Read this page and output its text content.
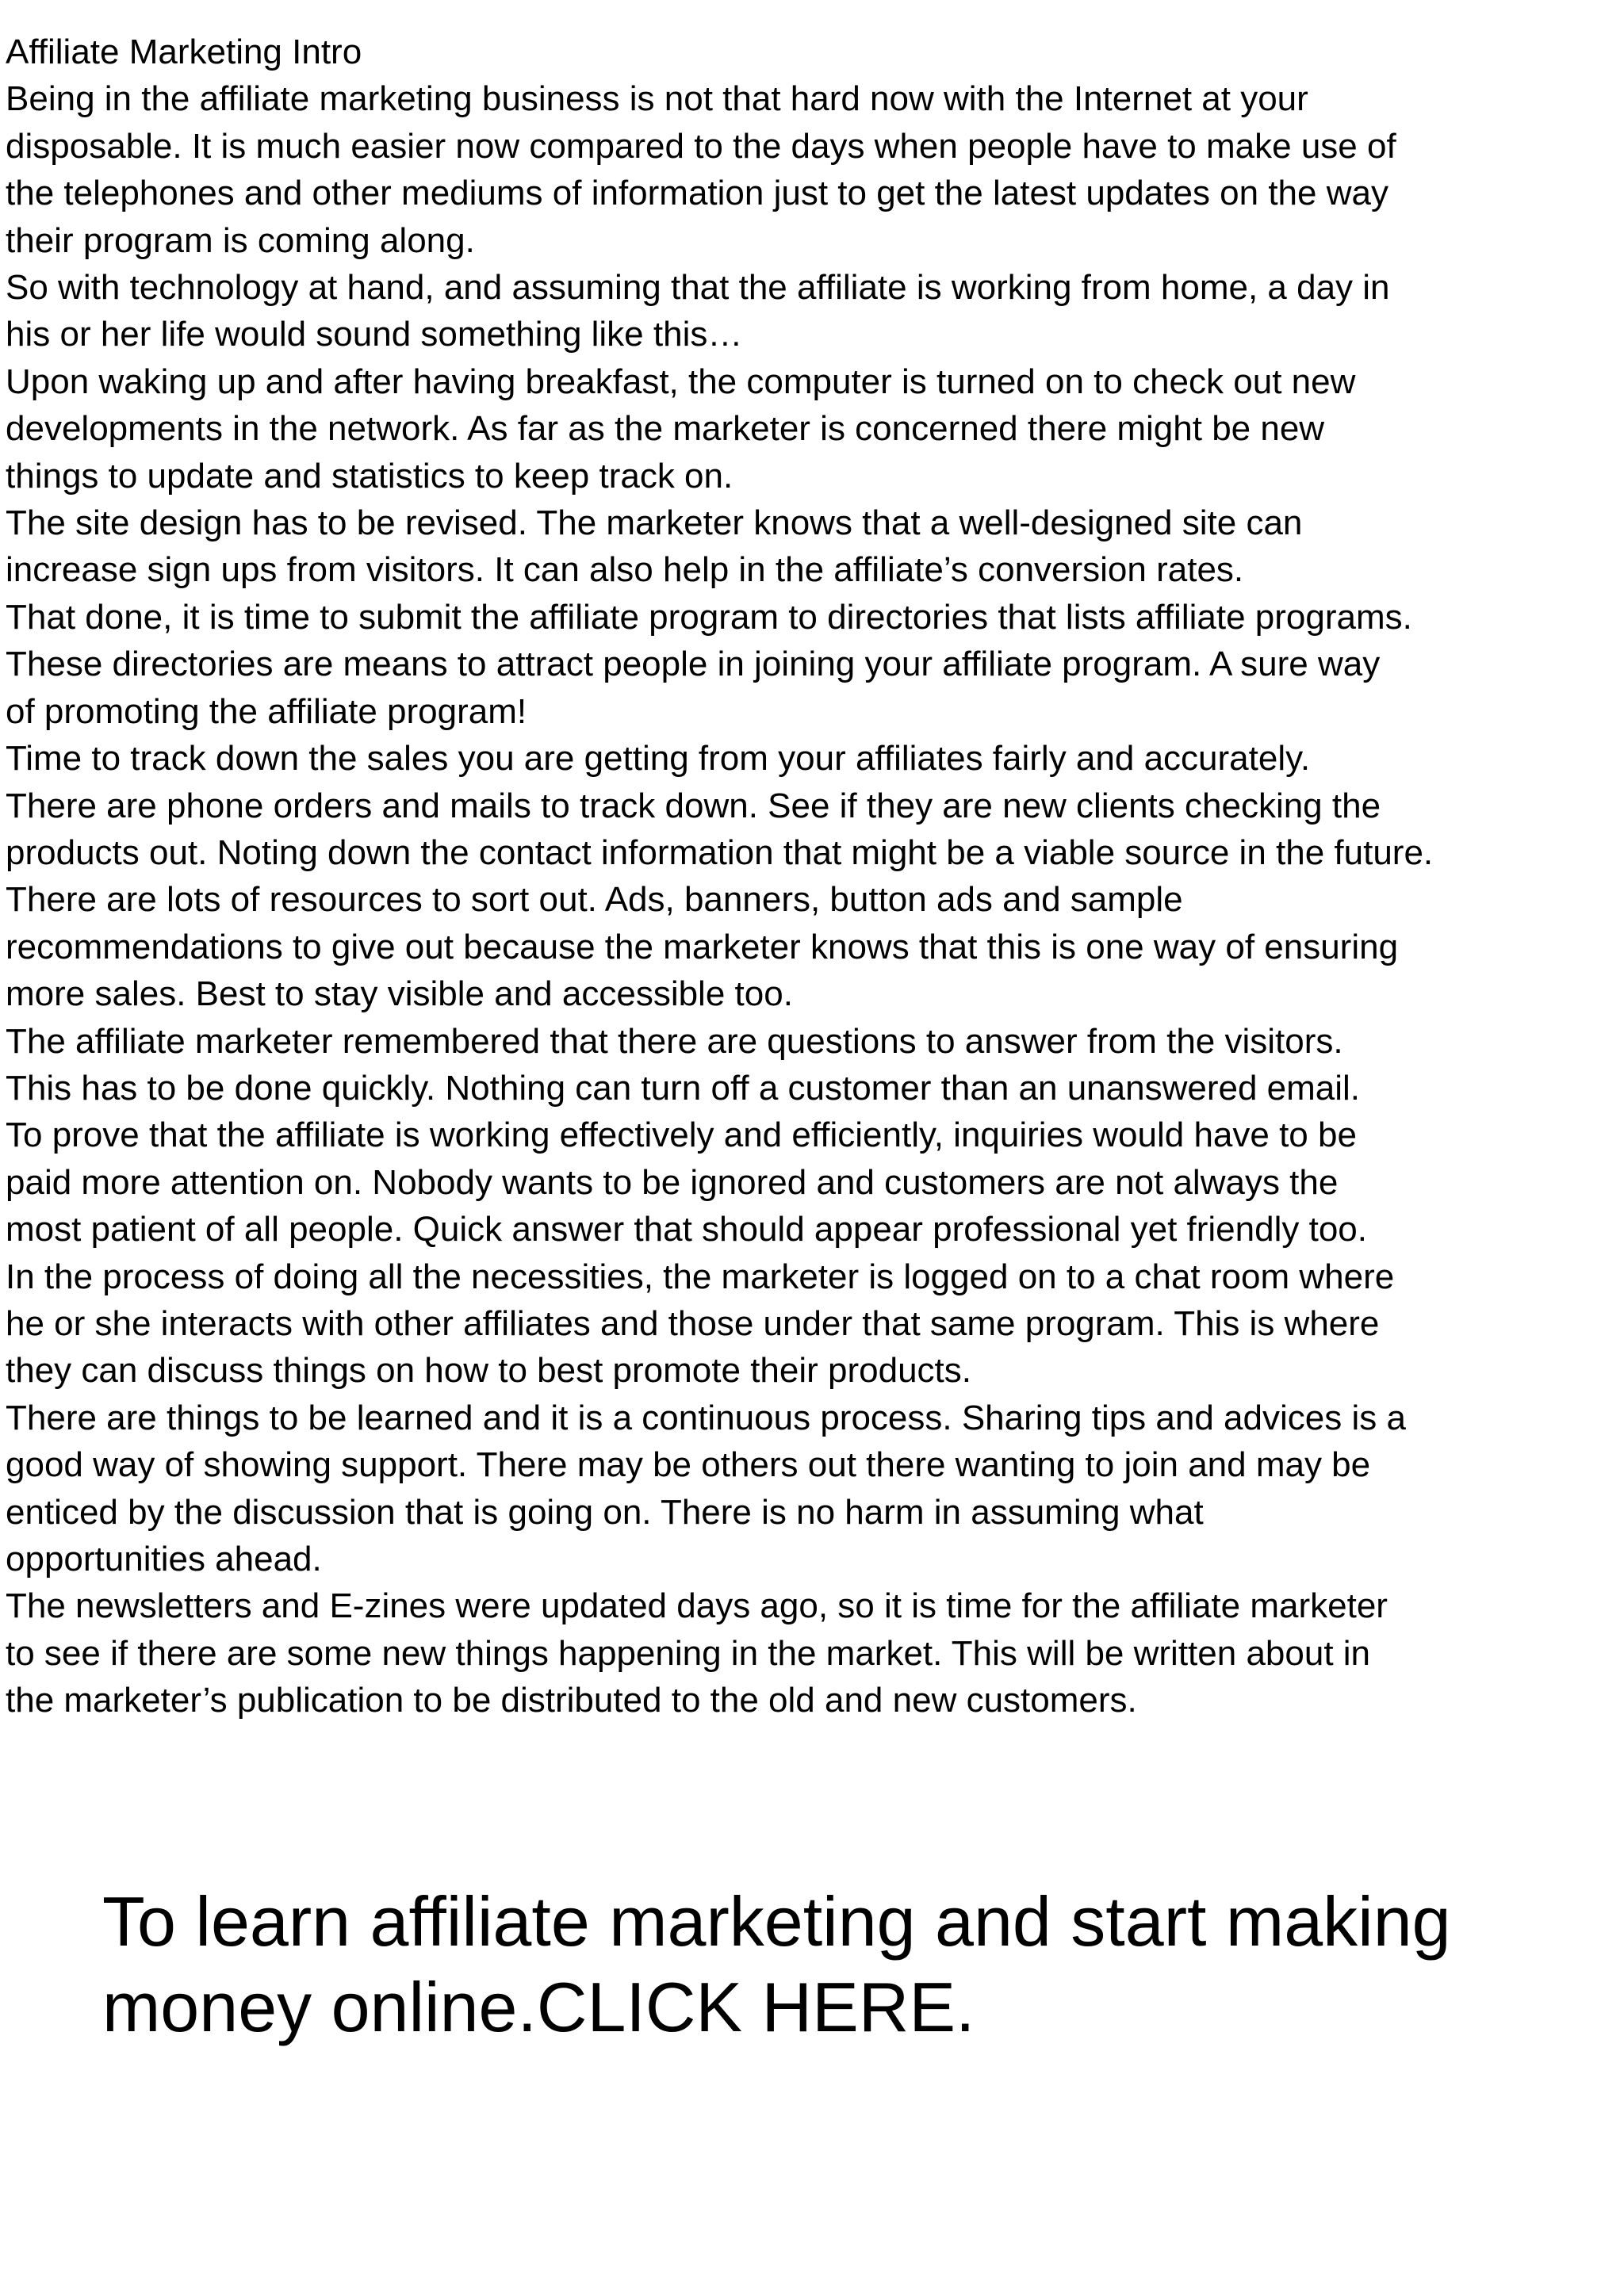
Affiliate Marketing Intro
Being in the affiliate marketing business is not that hard now with the Internet at your
disposable. It is much easier now compared to the days when people have to make use of
the telephones and other mediums of information just to get the latest updates on the way
their program is coming along.
So with technology at hand, and assuming that the affiliate is working from home, a day in
his or her life would sound something like this…
Upon waking up and after having breakfast, the computer is turned on to check out new
developments in the network. As far as the marketer is concerned there might be new
things to update and statistics to keep track on.
The site design has to be revised. The marketer knows that a well-designed site can
increase sign ups from visitors. It can also help in the affiliate’s conversion rates.
That done, it is time to submit the affiliate program to directories that lists affiliate programs.
These directories are means to attract people in joining your affiliate program. A sure way
of promoting the affiliate program!
Time to track down the sales you are getting from your affiliates fairly and accurately.
There are phone orders and mails to track down. See if they are new clients checking the
products out. Noting down the contact information that might be a viable source in the future.
There are lots of resources to sort out. Ads, banners, button ads and sample
recommendations to give out because the marketer knows that this is one way of ensuring
more sales. Best to stay visible and accessible too.
The affiliate marketer remembered that there are questions to answer from the visitors.
This has to be done quickly. Nothing can turn off a customer than an unanswered email.
To prove that the affiliate is working effectively and efficiently, inquiries would have to be
paid more attention on. Nobody wants to be ignored and customers are not always the
most patient of all people. Quick answer that should appear professional yet friendly too.
In the process of doing all the necessities, the marketer is logged on to a chat room where
he or she interacts with other affiliates and those under that same program. This is where
they can discuss things on how to best promote their products.
There are things to be learned and it is a continuous process. Sharing tips and advices is a
good way of showing support. There may be others out there wanting to join and may be
enticed by the discussion that is going on. There is no harm in assuming what
opportunities ahead.
The newsletters and E-zines were updated days ago, so it is time for the affiliate marketer
to see if there are some new things happening in the market. This will be written about in
the marketer’s publication to be distributed to the old and new customers.
To learn affiliate marketing and start making
money online.CLICK HERE.
